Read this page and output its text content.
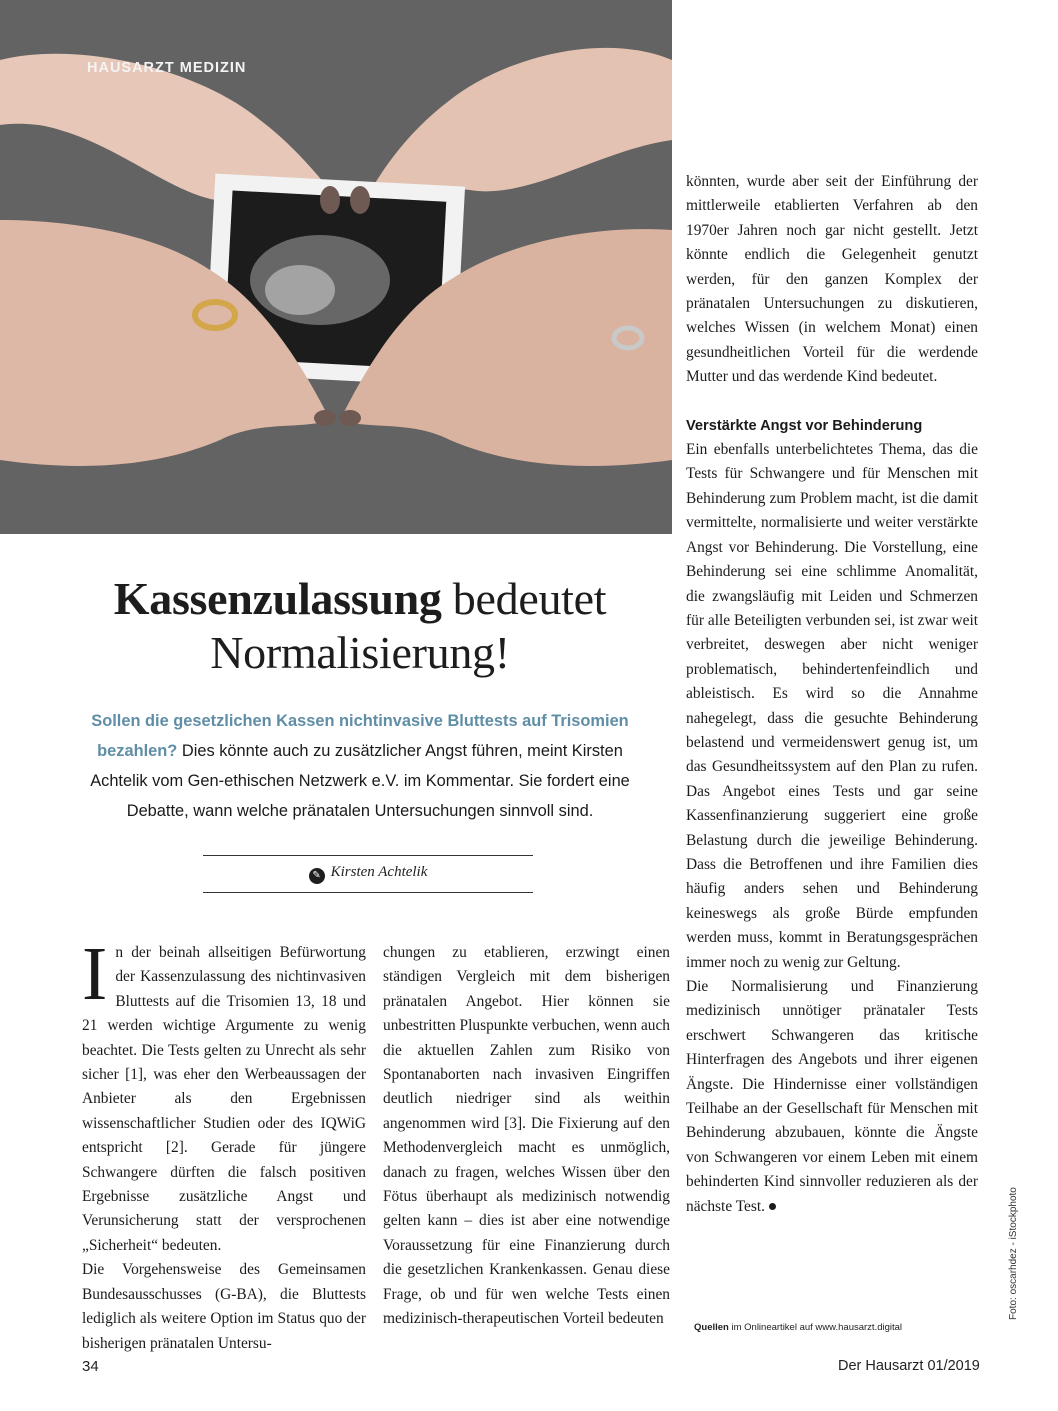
HAUSARZT MEDIZIN
Kassenzulassung bedeutet
Normalisierung!
Sollen die gesetzlichen Kassen nichtinvasive Bluttests auf Trisomien bezahlen? Dies könnte auch zu zusätzlicher Angst führen, meint Kirsten Achtelik vom Gen-ethischen Netzwerk e.V. im Kommentar. Sie fordert eine Debatte, wann welche pränatalen Untersuchungen sinnvoll sind.
✎ Kirsten Achtelik

In der beinah allseitigen Befürwortung der Kassenzulassung des nichtinvasiven Bluttests auf die Trisomien 13, 18 und 21 werden wichtige Argumente zu wenig beachtet. Die Tests gelten zu Unrecht als sehr sicher [1], was eher den Werbeaussagen der Anbieter als den Ergebnissen wissenschaftlicher Studien oder des IQWiG entspricht [2]. Gerade für jüngere Schwangere dürften die falsch positiven Ergebnisse zusätzliche Angst und Verunsicherung statt der versprochenen „Sicherheit“ bedeuten.

Die Vorgehensweise des Gemeinsamen Bundesausschusses (G-BA), die Bluttests lediglich als weitere Option im Status quo der bisherigen pränatalen Untersu-

chungen zu etablieren, erzwingt einen ständigen Vergleich mit dem bisherigen pränatalen Angebot. Hier können sie unbestritten Pluspunkte verbuchen, wenn auch die aktuellen Zahlen zum Risiko von Spontanaborten nach invasiven Eingriffen deutlich niedriger sind als weithin angenommen wird [3]. Die Fixierung auf den Methodenvergleich macht es unmöglich, danach zu fragen, welches Wissen über den Fötus überhaupt als medizinisch notwendig gelten kann – dies ist aber eine notwendige Voraussetzung für eine Finanzierung durch die gesetzlichen Krankenkassen. Genau diese Frage, ob und für wen welche Tests einen medizinisch-therapeutischen Vorteil bedeuten

könnten, wurde aber seit der Einführung der mittlerweile etablierten Verfahren ab den 1970er Jahren noch gar nicht gestellt. Jetzt könnte endlich die Gelegenheit genutzt werden, für den ganzen Komplex der pränatalen Untersuchungen zu diskutieren, welches Wissen (in welchem Monat) einen gesundheitlichen Vorteil für die werdende Mutter und das werdende Kind bedeutet.

Verstärkte Angst vor Behinderung

Ein ebenfalls unterbelichtetes Thema, das die Tests für Schwangere und für Menschen mit Behinderung zum Problem macht, ist die damit vermittelte, normalisierte und weiter verstärkte Angst vor Behinderung. Die Vorstellung, eine Behinderung sei eine schlimme Anomalität, die zwangsläufig mit Leiden und Schmerzen für alle Beteiligten verbunden sei, ist zwar weit verbreitet, deswegen aber nicht weniger problematisch, behindertenfeindlich und ableistisch. Es wird so die Annahme nahegelegt, dass die gesuchte Behinderung belastend und vermeidenswert genug ist, um das Gesundheitssystem auf den Plan zu rufen. Das Angebot eines Tests und gar seine Kassenfinanzierung suggeriert eine große Belastung durch die jeweilige Behinderung. Dass die Betroffenen und ihre Familien dies häufig anders sehen und Behinderung keineswegs als große Bürde empfunden werden muss, kommt in Beratungsgesprächen immer noch zu wenig zur Geltung.

Die Normalisierung und Finanzierung medizinisch unnötiger pränataler Tests erschwert Schwangeren das kritische Hinterfragen des Angebots und ihrer eigenen Ängste. Die Hindernisse einer vollständigen Teilhabe an der Gesellschaft für Menschen mit Behinderung abzubauen, könnte die Ängste von Schwangeren vor einem Leben mit einem behinderten Kind sinnvoller reduzieren als der nächste Test.

Quellen im Onlineartikel auf www.hausarzt.digital
Foto: oscarhdez - iStockphoto
34	Der Hausarzt 01/2019
